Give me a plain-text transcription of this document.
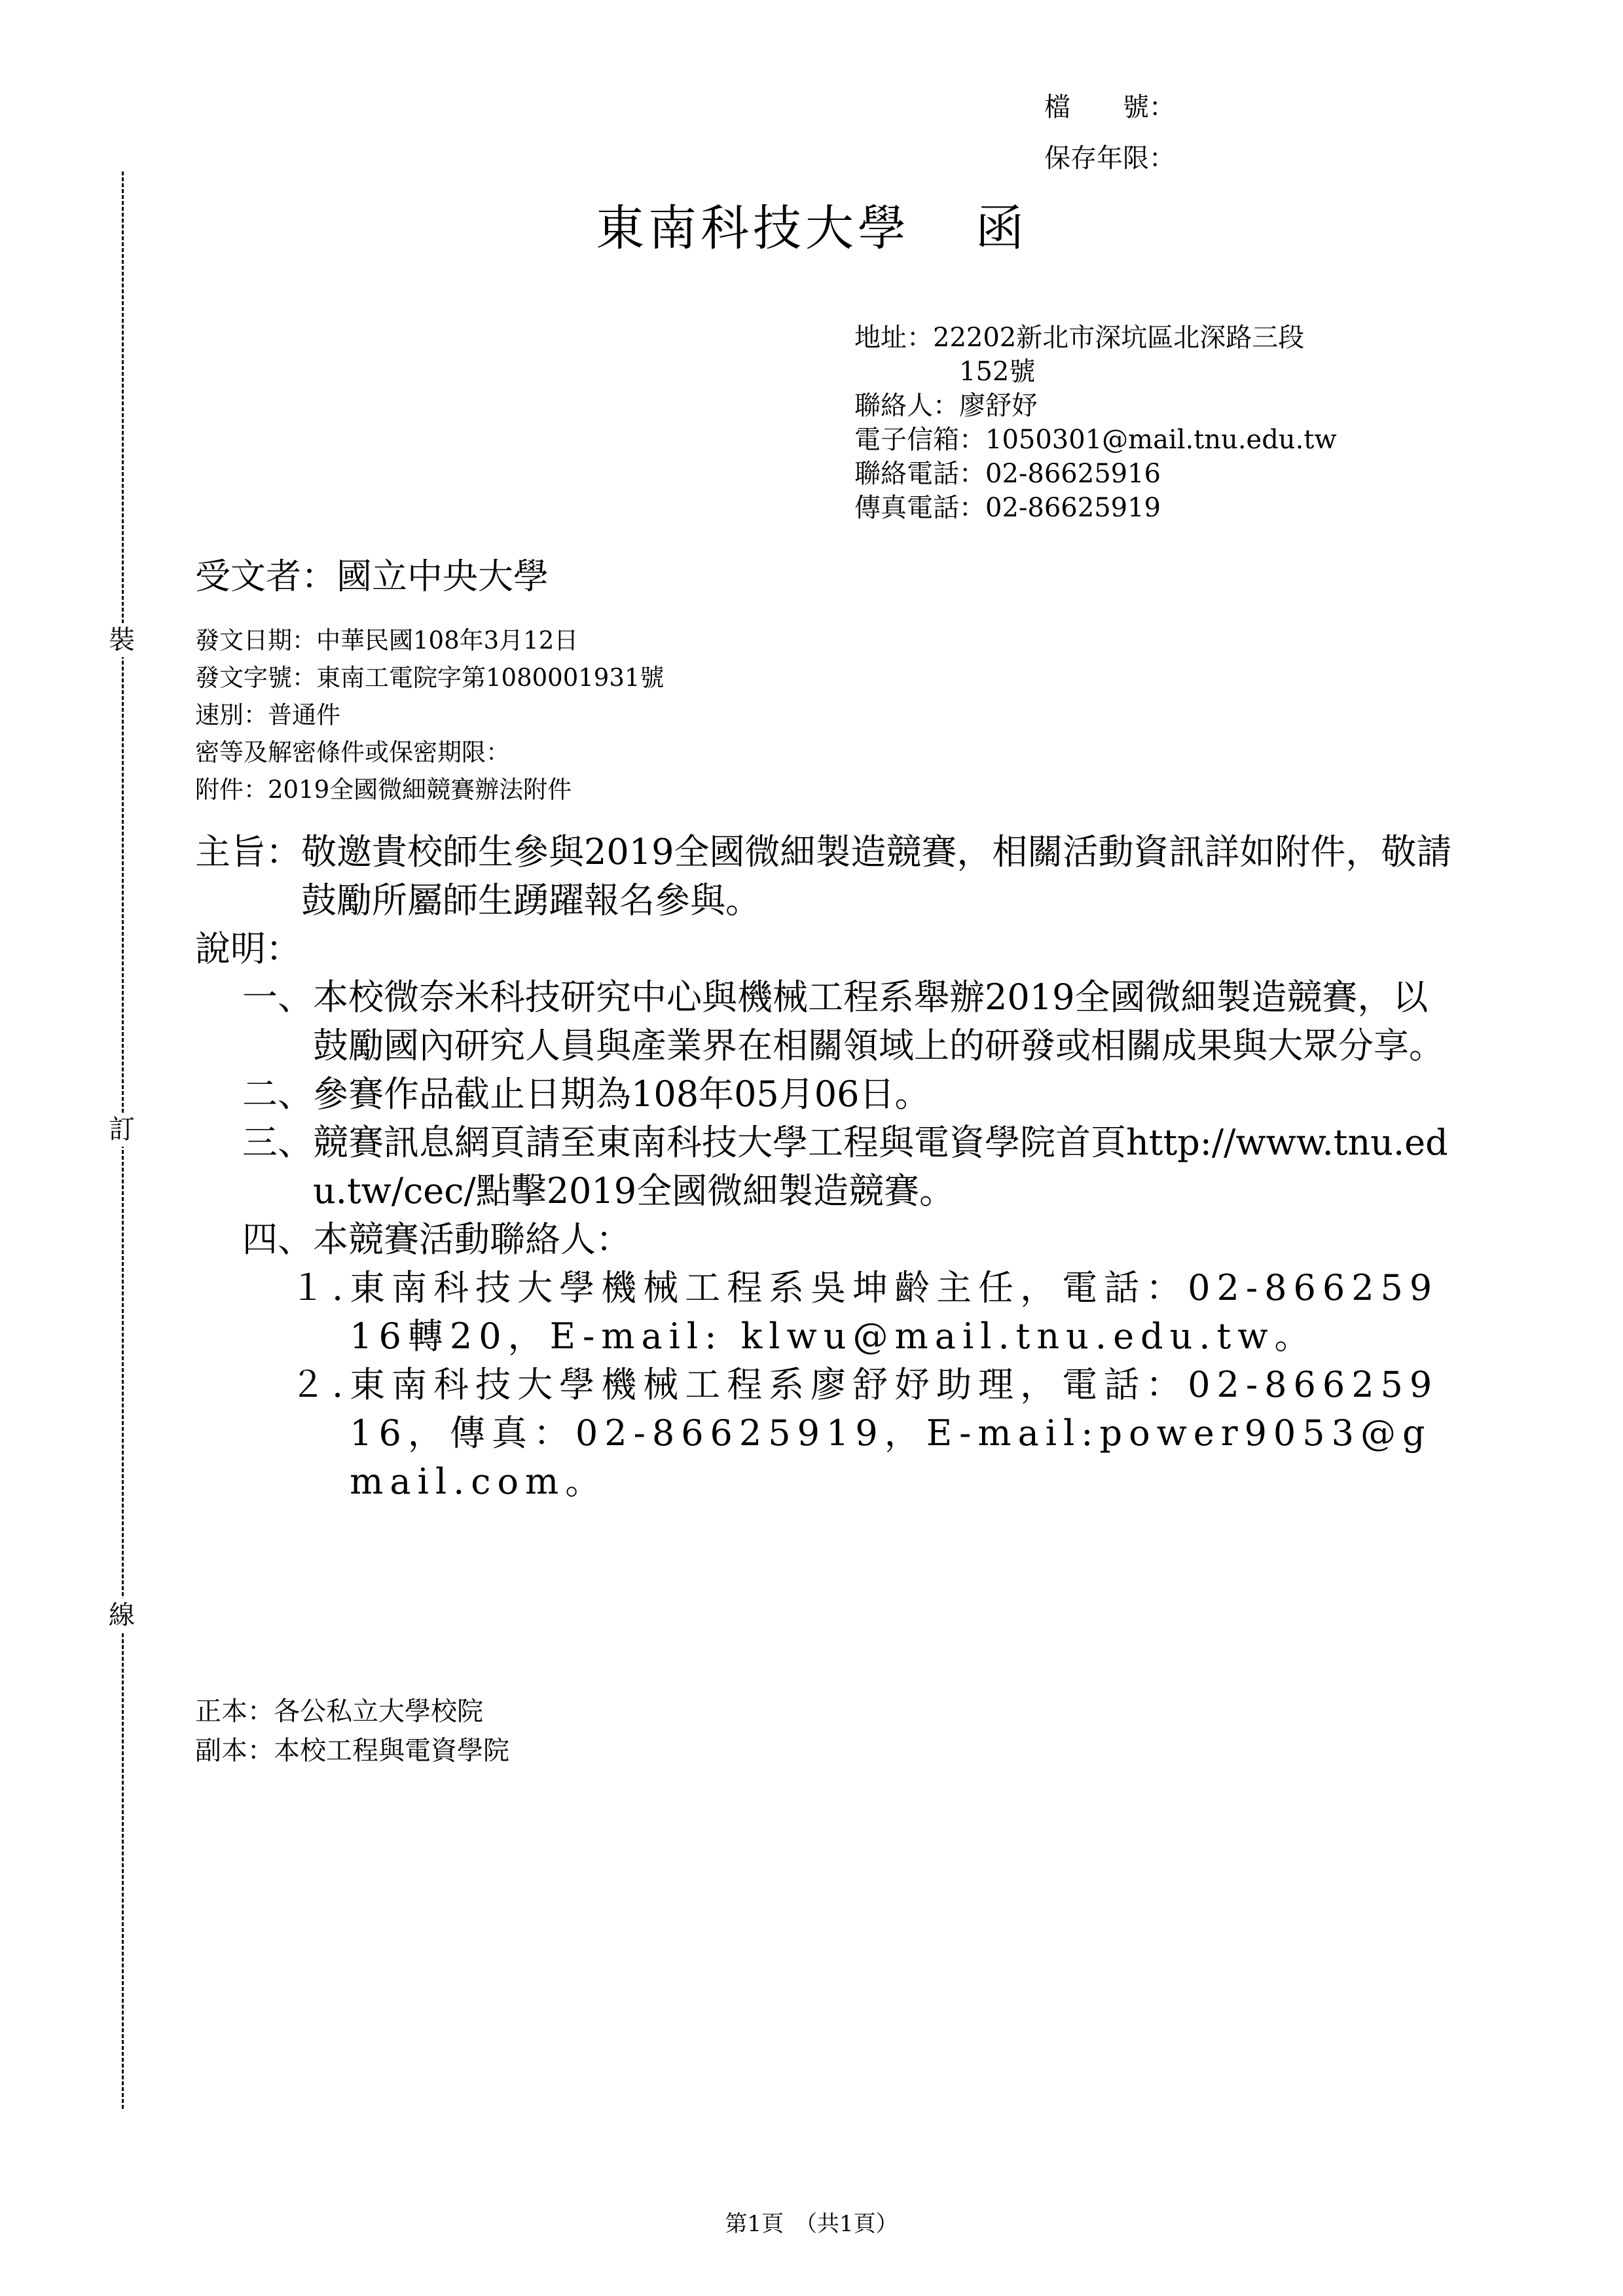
裝
訂
線
檔　　號：
保存年限：
東南科技大學 函
地址：22202新北市深坑區北深路三段
152號
聯絡人：廖舒妤
電子信箱：1050301@mail.tnu.edu.tw
聯絡電話：02-86625916
傳真電話：02-86625919
受文者：國立中央大學
發文日期：中華民國108年3月12日
發文字號：東南工電院字第1080001931號
速別：普通件
密等及解密條件或保密期限：
附件：2019全國微細競賽辦法附件
主旨： 敬邀貴校師生參與2019全國微細製造競賽，相關活動資訊詳如附件，敬請鼓勵所屬師生踴躍報名參與。
說明：
一、 本校微奈米科技研究中心與機械工程系舉辦2019全國微細製造競賽，以鼓勵國內研究人員與產業界在相關領域上的研發或相關成果與大眾分享。
二、 參賽作品截止日期為108年05月06日。
三、 競賽訊息網頁請至東南科技大學工程與電資學院首頁http://www.tnu.edu.tw/cec/點擊2019全國微細製造競賽。
四、 本競賽活動聯絡人：
１. 東南科技大學機械工程系吳坤齡主任，電話：02-86625916轉20，E-mail: klwu@mail.tnu.edu.tw。
２. 東南科技大學機械工程系廖舒妤助理，電話：02-86625916，傳真：02-86625919，E-mail:power9053@gmail.com。
正本：各公私立大學校院
副本：本校工程與電資學院
第1頁　（共1頁）
